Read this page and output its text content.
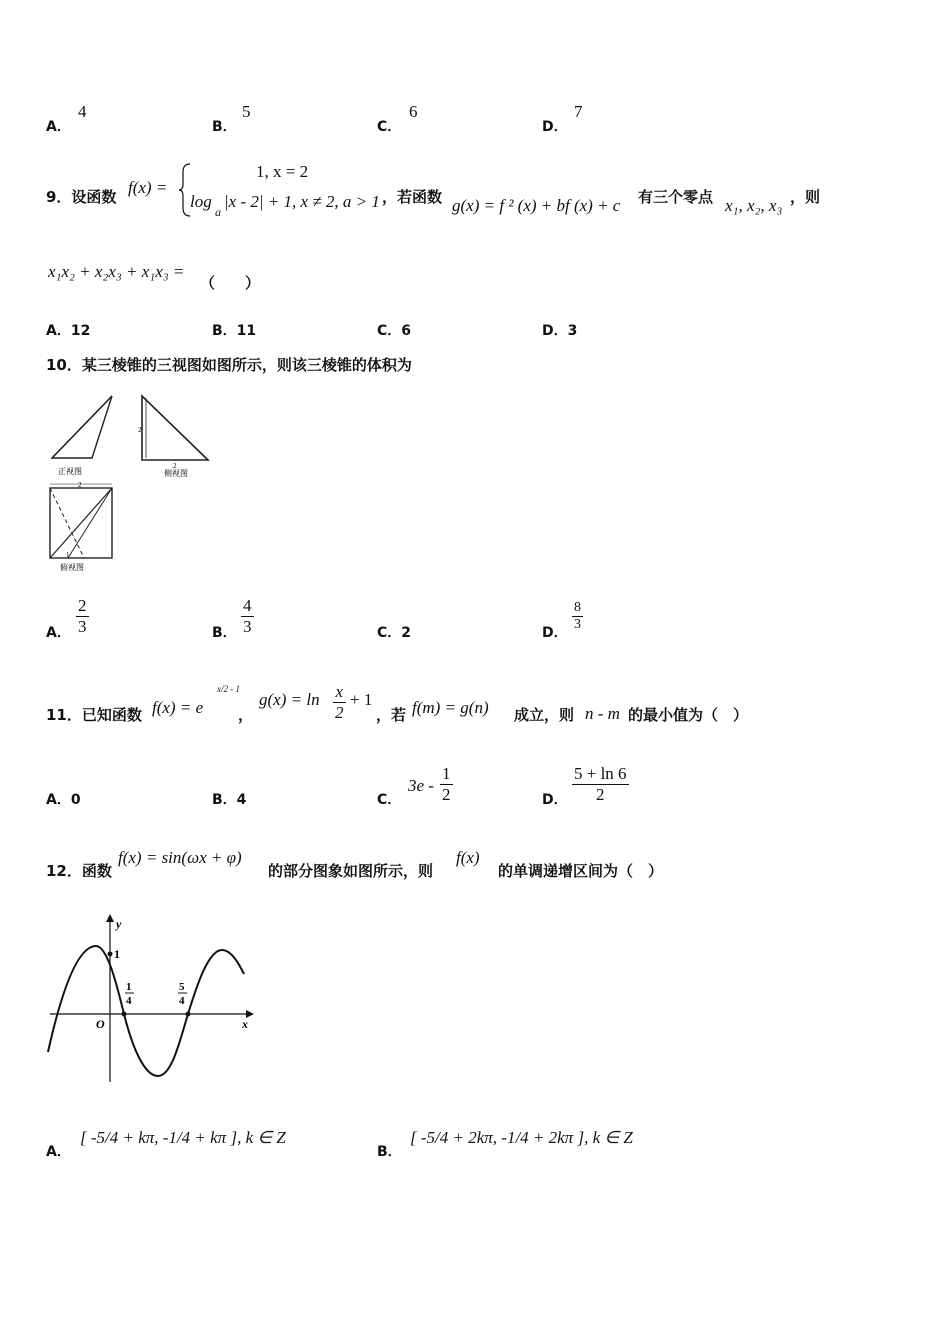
A．
4
B．
5
C．
6
D．
7
9．设函数 f(x) =
1, x = 2
log
a
|x - 2| + 1, x ≠ 2, a > 1 ，若函数 g(x) = f ² (x) + bf (x) + c 有三个零点 x₁, x₂, x₃ ，则
x₁x₂ + x₂x₃ + x₁x₃ =
（　　）
A．12	B．11	C．6	D．3
10．某三棱锥的三视图如图所示，则该三棱锥的体积为
正视图
2
2
侧视图
2
1
俯视图
A． $\frac{2}{3}$	B． $\frac{4}{3}$	C．2	D． $\frac{8}{3}$
11．已知函数 f(x) = e
x/2 - 1
，
$g(x) = \ln \frac{x}{2} + 1$
，若 f(m) = g(n) 成立，则 n - m 的最小值为（　）
A．0	B．4	C．
$3e - \frac{1}{2}$	D． $\frac{5 + \ln 6}{2}$
12．函数
f(x) = sin(ωx + φ)
的部分图象如图所示，则
f(x)
的单调递增区间为（　）
y
x
O
1
1
4
5
4
A．
[ -5/4 + kπ, -1/4 + kπ ], k ∈ Z
B．
[ -5/4 + 2kπ, -1/4 + 2kπ ], k ∈ Z
